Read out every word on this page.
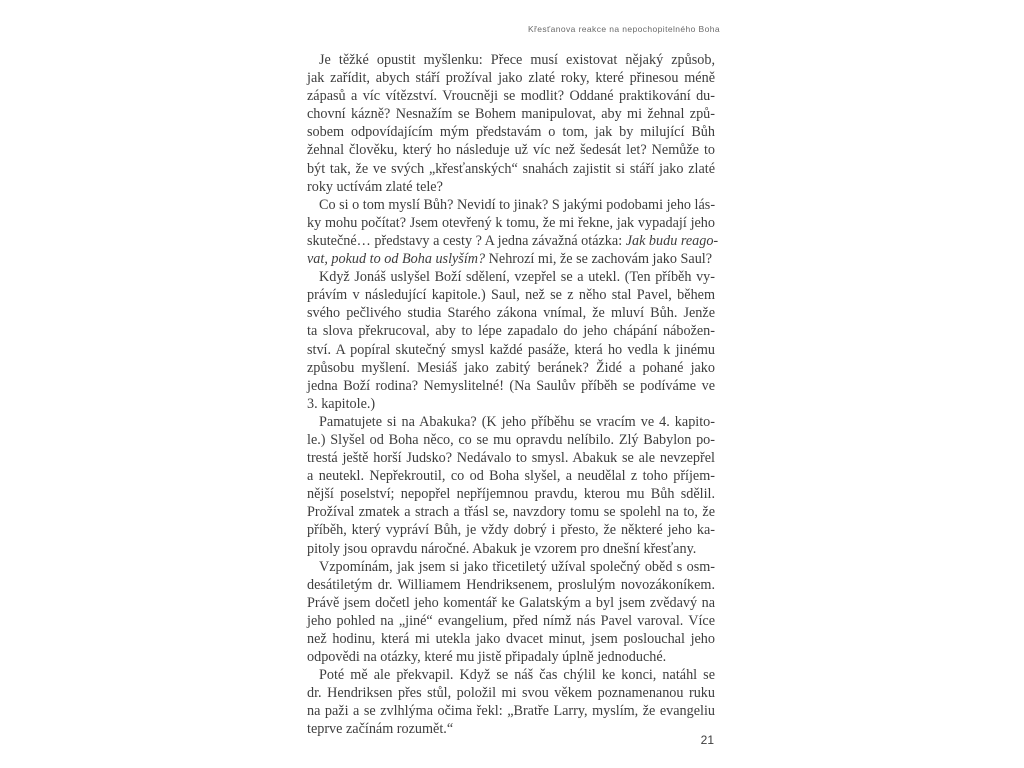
Křesťanova reakce na nepochopitelného Boha

Je těžké opustit myšlenku: Přece musí existovat nějaký způsob,
jak zařídit, abych stáří prožíval jako zlaté roky, které přinesou méně
zápasů a víc vítězství. Vroucněji se modlit? Oddané praktikování du-
chovní kázně? Nesnažím se Bohem manipulovat, aby mi žehnal způ-
sobem odpovídajícím mým představám o tom, jak by milující Bůh
žehnal člověku, který ho následuje už víc než šedesát let? Nemůže to
být tak, že ve svých „křesťanských“ snahách zajistit si stáří jako zlaté
roky uctívám zlaté tele?

Co si o tom myslí Bůh? Nevidí to jinak? S jakými podobami jeho lás-
ky mohu počítat? Jsem otevřený k tomu, že mi řekne, jak vypadají jeho
skutečné… představy a cesty ? A jedna závažná otázka: Jak budu reago-
vat, pokud to od Boha uslyším? Nehrozí mi, že se zachovám jako Saul?

Když Jonáš uslyšel Boží sdělení, vzepřel se a utekl. (Ten příběh vy-
právím v následující kapitole.) Saul, než se z něho stal Pavel, během
svého pečlivého studia Starého zákona vnímal, že mluví Bůh. Jenže
ta slova překrucoval, aby to lépe zapadalo do jeho chápání nábožen-
ství. A popíral skutečný smysl každé pasáže, která ho vedla k jinému
způsobu myšlení. Mesiáš jako zabitý beránek? Židé a pohané jako
jedna Boží rodina? Nemyslitelné! (Na Saulův příběh se podíváme ve
3. kapitole.)

Pamatujete si na Abakuka? (K jeho příběhu se vracím ve 4. kapito-
le.) Slyšel od Boha něco, co se mu opravdu nelíbilo. Zlý Babylon po-
trestá ještě horší Judsko? Nedávalo to smysl. Abakuk se ale nevzepřel
a neutekl. Nepřekroutil, co od Boha slyšel, a neudělal z toho příjem-
nější poselství; nepopřel nepříjemnou pravdu, kterou mu Bůh sdělil.
Prožíval zmatek a strach a třásl se, navzdory tomu se spolehl na to, že
příběh, který vypráví Bůh, je vždy dobrý i přesto, že některé jeho ka-
pitoly jsou opravdu náročné. Abakuk je vzorem pro dnešní křesťany.

Vzpomínám, jak jsem si jako třicetiletý užíval společný oběd s osm-
desátiletým dr. Williamem Hendriksenem, proslulým novozákoníkem.
Právě jsem dočetl jeho komentář ke Galatským a byl jsem zvědavý na
jeho pohled na „jiné“ evangelium, před nímž nás Pavel varoval. Více
než hodinu, která mi utekla jako dvacet minut, jsem poslouchal jeho
odpovědi na otázky, které mu jistě připadaly úplně jednoduché.

Poté mě ale překvapil. Když se náš čas chýlil ke konci, natáhl se
dr. Hendriksen přes stůl, položil mi svou věkem poznamenanou ruku
na paži a se zvlhlýma očima řekl: „Bratře Larry, myslím, že evangeliu
teprve začínám rozumět.“

21
